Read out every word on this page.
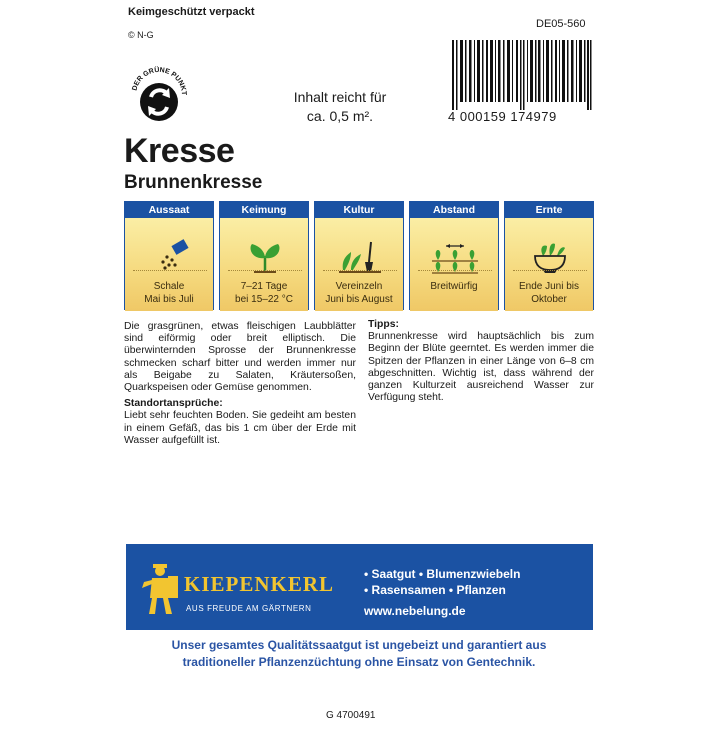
Keimgeschützt verpackt
© N-G
DE05-560
4 000159 174979
DER GRÜNE PUNKT	Inhalt reicht für
ca. 0,5 m².
Kresse
Brunnenkresse
Aussaat
Schale
Mai bis Juli
Keimung
7–21 Tage
bei 15–22 °C
Kultur
Vereinzeln
Juni bis August
Abstand
Breitwürfig
Ernte
Ende Juni bis
Oktober

Die grasgrünen, etwas fleischigen Laubblätter sind eiförmig oder breit elliptisch. Die überwinternden Sprosse der Brunnenkresse schmecken scharf bitter und werden immer nur als Beigabe zu Salaten, Kräutersoßen, Quarkspeisen oder Gemüse genommen.

Standortansprüche:

Liebt sehr feuchten Boden. Sie gedeiht am besten in einem Gefäß, das bis 1 cm über der Erde mit Wasser aufgefüllt ist.

Tipps:

Brunnenkresse wird hauptsächlich bis zum Beginn der Blüte geerntet. Es werden immer die Spitzen der Pflanzen in einer Länge von 6–8 cm abgeschnitten. Wichtig ist, dass während der ganzen Kulturzeit ausreichend Wasser zur Verfügung steht.

KIEPENKERL
AUS FREUDE AM GÄRTNERN
• Saatgut • Blumenzwiebeln
• Rasensamen • Pflanzen
www.nebelung.de
Unser gesamtes Qualitätssaatgut ist ungebeizt und garantiert aus
traditioneller Pflanzenzüchtung ohne Einsatz von Gentechnik.
G 4700491
